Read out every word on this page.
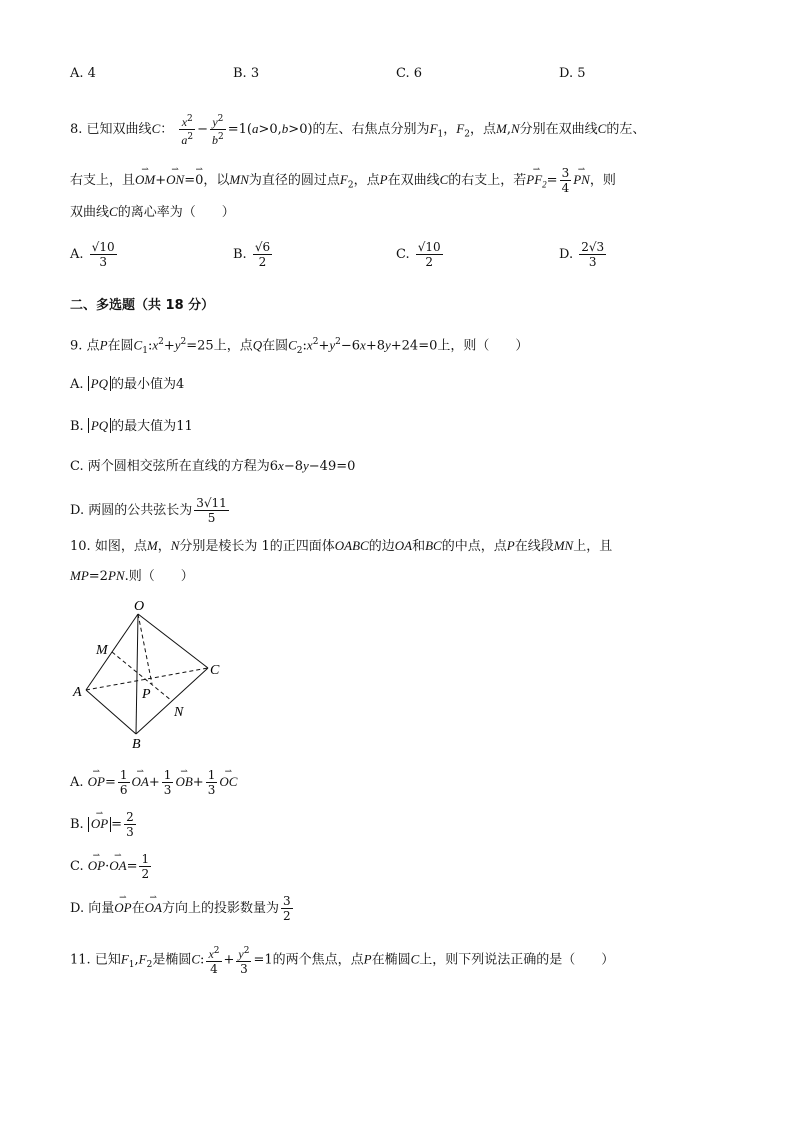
A. 4	B. 3	C. 6	D. 5
8. 已知双曲线C： $\frac{x^2}{a^2} - \frac{y^2}{b^2} =1(a>0,b>0)$的左、右焦点分别为$F_1$，$F_2$，点M,N分别在双曲线C的左、
右支上，且⇀ OM+⇀ ON=⇀ 0，以MN为直径的圆过点$F_2$，点P在双曲线C的右支上，若⇀ $PF_2= \frac{3}{4}$ ⇀ PN，则
双曲线C的离心率为（　　）
A. $\frac{√10}{3}$	B. $\frac{√6}{2}$	C. $\frac{√10}{2}$	D. $\frac{2√3}{3}$
二、多选题（共 18 分）
9. 点P在圆$C_1:x^2+y^2=25$上，点Q在圆$C_2:x^2+y^2-6x+8y+24=0$上，则（　　）
A. PQ 的最小值为4
B. PQ 的最大值为11
C. 两个圆相交弦所在直线的方程为6x−8y−49=0
D. 两圆的公共弦长为 $\frac{3√11}{5}$
10. 如图，点M，N分别是棱长为 1的正四面体OABC的边OA和BC的中点，点P在线段MN上，且
MP=2PN.则（　　）
O
M
C
A	P
N
B
A. ⇀ $OP= \frac{1}{6}$ ⇀ $OA+ \frac{1}{3}$ ⇀ $OB+ \frac{1}{3}$ ⇀ OC
B. ⇀ OP = $\frac{2}{3}$
C. ⇀ OP·⇀ $OA= \frac{1}{2}$
D. 向量⇀ OP在⇀ OA方向上的投影数量为 $\frac{3}{2}$
11. 已知$F_1,F_2$是椭圆C: $\frac{x^2}{4} + \frac{y^2}{3} =1$的两个焦点，点P在椭圆C上，则下列说法正确的是（　　）
